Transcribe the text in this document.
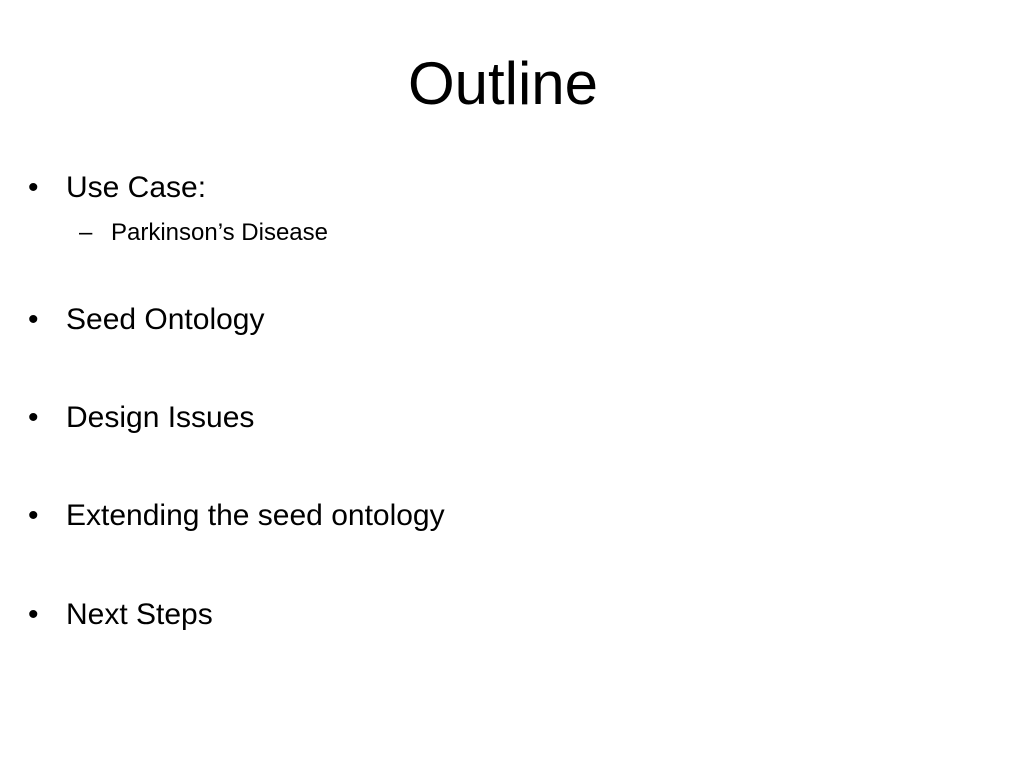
Outline
• Use Case:
– Parkinson’s Disease
• Seed Ontology
• Design Issues
• Extending the seed ontology
• Next Steps
